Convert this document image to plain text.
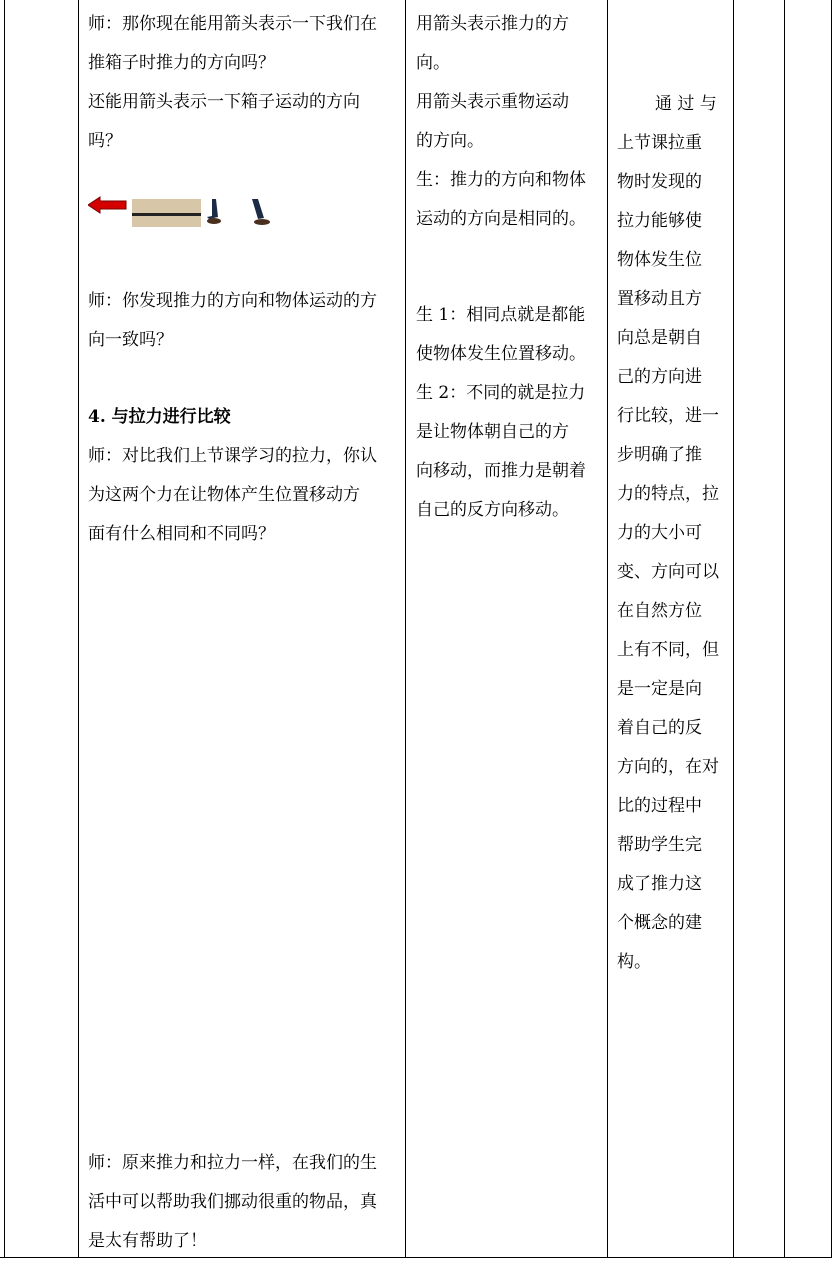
师：那你现在能用箭头表示一下我们在

推箱子时推力的方向吗？

还能用箭头表示一下箱子运动的方向

吗？

师：你发现推力的方向和物体运动的方

向一致吗？

4. 与拉力进行比较

师：对比我们上节课学习的拉力，你认

为这两个力在让物体产生位置移动方

面有什么相同和不同吗？

师：原来推力和拉力一样，在我们的生

活中可以帮助我们挪动很重的物品，真

是太有帮助了！

用箭头表示推力的方

向。

用箭头表示重物运动

的方向。

生：推力的方向和物体

运动的方向是相同的。

生 1：相同点就是都能

使物体发生位置移动。

生 2：不同的就是拉力

是让物体朝自己的方

向移动，而推力是朝着

自己的反方向移动。

通 过 与

上节课拉重

物时发现的

拉力能够使

物体发生位

置移动且方

向总是朝自

己的方向进

行比较，进一

步明确了推

力的特点，拉

力的大小可

变、方向可以

在自然方位

上有不同，但

是一定是向

着自己的反

方向的，在对

比的过程中

帮助学生完

成了推力这

个概念的建

构。
